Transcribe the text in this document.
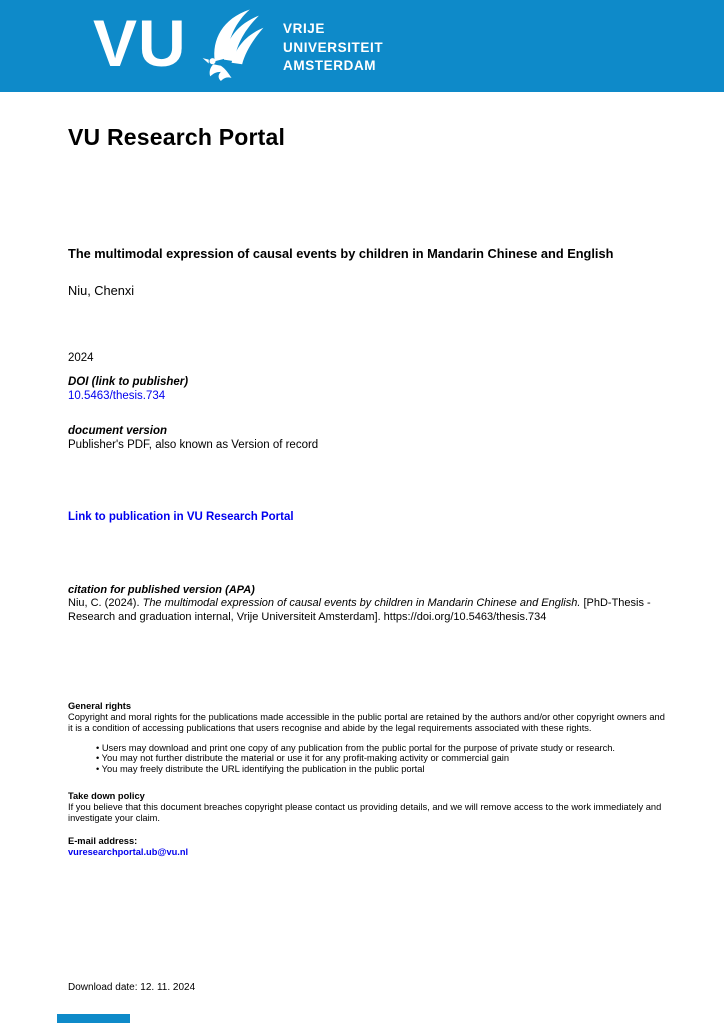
VU	VRIJE
UNIVERSITEIT
AMSTERDAM
VU Research Portal
The multimodal expression of causal events by children in Mandarin Chinese and English
Niu, Chenxi
2024
DOI (link to publisher)
10.5463/thesis.734
document version
Publisher's PDF, also known as Version of record
Link to publication in VU Research Portal
citation for published version (APA)

Niu, C. (2024). The multimodal expression of causal events by children in Mandarin Chinese and English. [PhD-Thesis - Research and graduation internal, Vrije Universiteit Amsterdam]. https://doi.org/10.5463/thesis.734

General rights

Copyright and moral rights for the publications made accessible in the public portal are retained by the authors and/or other copyright owners and it is a condition of accessing publications that users recognise and abide by the legal requirements associated with these rights.

• Users may download and print one copy of any publication from the public portal for the purpose of private study or research.
• You may not further distribute the material or use it for any profit-making activity or commercial gain
• You may freely distribute the URL identifying the publication in the public portal
Take down policy

If you believe that this document breaches copyright please contact us providing details, and we will remove access to the work immediately and investigate your claim.

E-mail address:
vuresearchportal.ub@vu.nl
Download date: 12. 11. 2024
